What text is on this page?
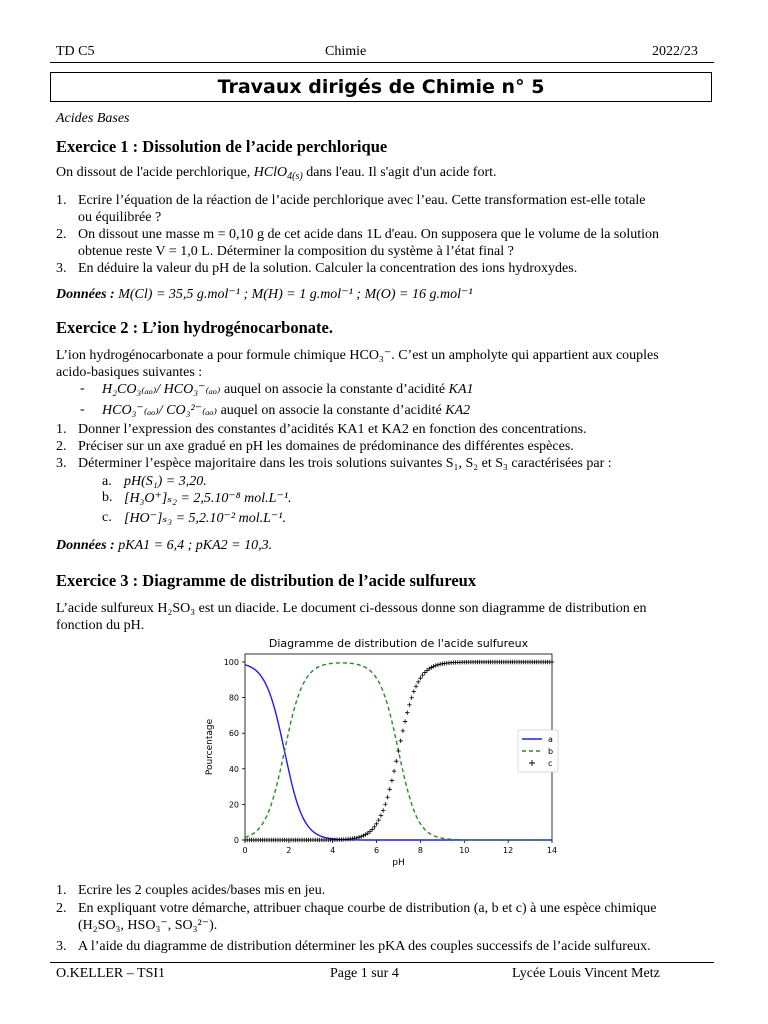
TD C5	Chimie	2022/23
Travaux dirigés de Chimie n° 5
Acides Bases
Exercice 1 : Dissolution de l’acide perchlorique
On dissout de l'acide perchlorique, HClO$_{4(s)}$ dans l'eau. Il s'agit d'un acide fort.
1. Ecrire l’équation de la réaction de l’acide perchlorique avec l’eau. Cette transformation est-elle totale
ou équilibrée ?
2. On dissout une masse m = 0,10 g de cet acide dans 1L d'eau. On supposera que le volume de la solution
obtenue reste V = 1,0 L. Déterminer la composition du système à l’état final ?
3. En déduire la valeur du pH de la solution. Calculer la concentration des ions hydroxydes.
Données : M(Cl) = 35,5 g.mol⁻¹ ; M(H) = 1 g.mol⁻¹ ; M(O) = 16 g.mol⁻¹
Exercice 2 : L’ion hydrogénocarbonate.
L’ion hydrogénocarbonate a pour formule chimique HCO₃⁻. C’est un ampholyte qui appartient aux couples
acido-basiques suivantes :
- H₂CO₃₍ₐₒ₎/ HCO₃⁻₍ₐₒ₎ auquel on associe la constante d’acidité KA1
- HCO₃⁻₍ₐₒ₎/ CO₃²⁻₍ₐₒ₎ auquel on associe la constante d’acidité KA2
1. Donner l’expression des constantes d’acidités KA1 et KA2 en fonction des concentrations.
2. Préciser sur un axe gradué en pH les domaines de prédominance des différentes espèces.
3. Déterminer l’espèce majoritaire dans les trois solutions suivantes S₁, S₂ et S₃ caractérisées par :
a. pH(S₁) = 3,20.
b. [H₃O⁺]ₛ₂ = 2,5.10⁻⁸ mol.L⁻¹.
c. [HO⁻]ₛ₃ = 5,2.10⁻² mol.L⁻¹.
Données : pKA1 = 6,4 ; pKA2 = 10,3.
Exercice 3 : Diagramme de distribution de l’acide sulfureux
L’acide sulfureux H₂SO₃ est un diacide. Le document ci-dessous donne son diagramme de distribution en
fonction du pH.
Diagramme de distribution de l'acide sulfureux
0	2	4	6	8	10	12	14
0
20
40
60
80
100
pH
Pourcentage	a
b
c
1. Ecrire les 2 couples acides/bases mis en jeu.
2. En expliquant votre démarche, attribuer chaque courbe de distribution (a, b et c) à une espèce chimique
(H₂SO₃, HSO₃⁻, SO₃²⁻).
3. A l’aide du diagramme de distribution déterminer les pKA des couples successifs de l’acide sulfureux.
O.KELLER – TSI1	Page 1 sur 4	Lycée Louis Vincent Metz
